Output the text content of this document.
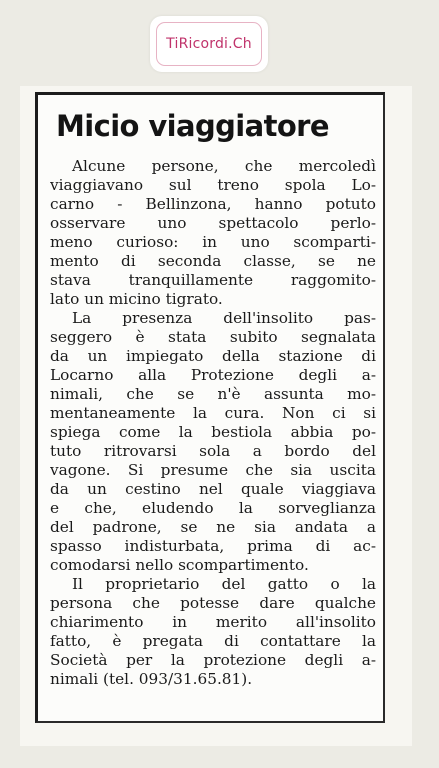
TiRicordi.Ch
Micio viaggiatore
Alcune persone, che mercoledì
viaggiavano sul treno spola Lo-
carno - Bellinzona, hanno potuto
osservare uno spettacolo perlo-
meno curioso: in uno scomparti-
mento di seconda classe, se ne
stava tranquillamente raggomito-
lato un micino tigrato.
La presenza dell'insolito pas-
seggero è stata subito segnalata
da un impiegato della stazione di
Locarno alla Protezione degli a-
nimali, che se n'è assunta mo-
mentaneamente la cura. Non ci si
spiega come la bestiola abbia po-
tuto ritrovarsi sola a bordo del
vagone. Si presume che sia uscita
da un cestino nel quale viaggiava
e che, eludendo la sorveglianza
del padrone, se ne sia andata a
spasso indisturbata, prima di ac-
comodarsi nello scompartimento.
Il proprietario del gatto o la
persona che potesse dare qualche
chiarimento in merito all'insolito
fatto, è pregata di contattare la
Società per la protezione degli a-
nimali (tel. 093/31.65.81).
